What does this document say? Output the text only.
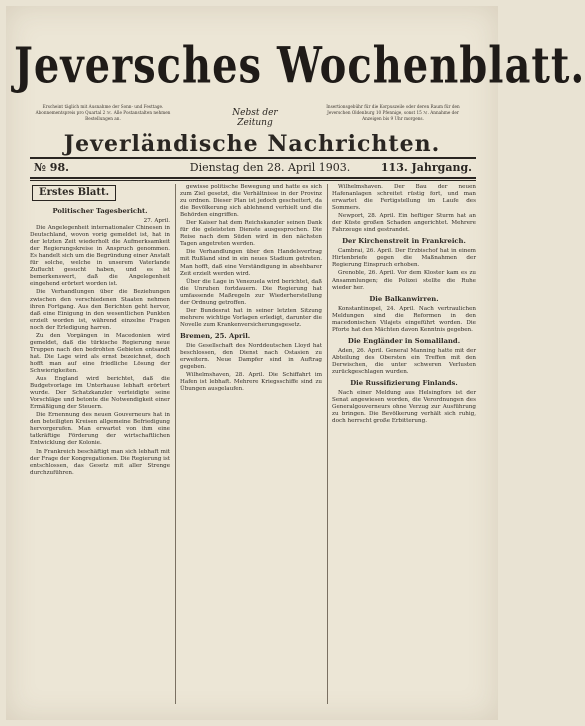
Jeversches Wochenblatt.
Erscheint täglich mit Ausnahme der Sonn- und Festtage. Abonnementspreis pro Quartal 2 ℳ. Alle Postanstalten nehmen Bestellungen an.
Nebst der Zeitung
Insertionsgebühr für die Korpuszeile oder deren Raum für den Jeverschen Oldenburg 10 Pfennige, sonst 15 ℳ. Annahme der Anzeigen bis 9 Uhr morgens.
Jeverländische Nachrichten.
№ 98.	Dienstag den 28. April 1903.	113. Jahrgang.
Erstes Blatt.
Politischer Tagesbericht.
27. April.

Die Angelegenheit internationaler Chinesen in Deutschland, wovon vorig gemeldet ist, hat in der letzten Zeit wiederholt die Aufmerksamkeit der Regierungskreise in Anspruch genommen. Es handelt sich um die Begründung einer Anstalt für solche, welche in unserem Vaterlande Zuflucht gesucht haben, und es ist bemerkenswert, daß die Angelegenheit eingehend erörtert worden ist.

Die Verhandlungen über die Beziehungen zwischen den verschiedenen Staaten nehmen ihren Fortgang. Aus den Berichten geht hervor, daß eine Einigung in den wesentlichen Punkten erzielt worden ist, während einzelne Fragen noch der Erledigung harren.

Zu den Vorgängen in Macedonien wird gemeldet, daß die türkische Regierung neue Truppen nach den bedrohten Gebieten entsandt hat. Die Lage wird als ernst bezeichnet, doch hofft man auf eine friedliche Lösung der Schwierigkeiten.

Aus England wird berichtet, daß die Budgetvorlage im Unterhause lebhaft erörtert wurde. Der Schatzkanzler verteidigte seine Vorschläge und betonte die Notwendigkeit einer Ermäßigung der Steuern.

Die Ernennung des neuen Gouverneurs hat in den beteiligten Kreisen allgemeine Befriedigung hervorgerufen. Man erwartet von ihm eine tatkräftige Förderung der wirtschaftlichen Entwicklung der Kolonie.

In Frankreich beschäftigt man sich lebhaft mit der Frage der Kongregationen. Die Regierung ist entschlossen, das Gesetz mit aller Strenge durchzuführen.

gewisse politische Bewegung und hatte es sich zum Ziel gesetzt, die Verhältnisse in der Provinz zu ordnen. Dieser Plan ist jedoch gescheitert, da die Bevölkerung sich ablehnend verhielt und die Behörden eingriffen.

Der Kaiser hat dem Reichskanzler seinen Dank für die geleisteten Dienste ausgesprochen. Die Reise nach dem Süden wird in den nächsten Tagen angetreten werden.

Die Verhandlungen über den Handelsvertrag mit Rußland sind in ein neues Stadium getreten. Man hofft, daß eine Verständigung in absehbarer Zeit erzielt werden wird.

Über die Lage in Venezuela wird berichtet, daß die Unruhen fortdauern. Die Regierung hat umfassende Maßregeln zur Wiederherstellung der Ordnung getroffen.

Der Bundesrat hat in seiner letzten Sitzung mehrere wichtige Vorlagen erledigt, darunter die Novelle zum Krankenversicherungsgesetz.

Bremen, 25. April.

Die Gesellschaft des Norddeutschen Lloyd hat beschlossen, den Dienst nach Ostasien zu erweitern. Neue Dampfer sind in Auftrag gegeben.

Wilhelmshaven, 28. April. Die Schiffahrt im Hafen ist lebhaft. Mehrere Kriegsschiffe sind zu Übungen ausgelaufen.

Wilhelmshaven. Der Bau der neuen Hafenanlagen schreitet rüstig fort, und man erwartet die Fertigstellung im Laufe des Sommers.

Newport, 28. April. Ein heftiger Sturm hat an der Küste großen Schaden angerichtet. Mehrere Fahrzeuge sind gestrandet.

Der Kirchenstreit in Frankreich.

Cambrai, 26. April. Der Erzbischof hat in einem Hirtenbriefe gegen die Maßnahmen der Regierung Einspruch erhoben.

Grenoble, 26. April. Vor dem Kloster kam es zu Ansammlungen; die Polizei stellte die Ruhe wieder her.

Die Balkanwirren.

Konstantinopel, 24. April. Nach vertraulichen Meldungen sind die Reformen in den macedonischen Vilajets eingeführt worden. Die Pforte hat den Mächten davon Kenntnis gegeben.

Die Engländer in Somaliland.

Aden, 26. April. General Manning hatte mit der Abteilung des Obersten ein Treffen mit den Derwischen, die unter schweren Verlusten zurückgeschlagen wurden.

Die Russifizierung Finlands.

Nach einer Meldung aus Helsingfors ist der Senat angewiesen worden, die Verordnungen des Generalgouverneurs ohne Verzug zur Ausführung zu bringen. Die Bevölkerung verhält sich ruhig, doch herrscht große Erbitterung.
